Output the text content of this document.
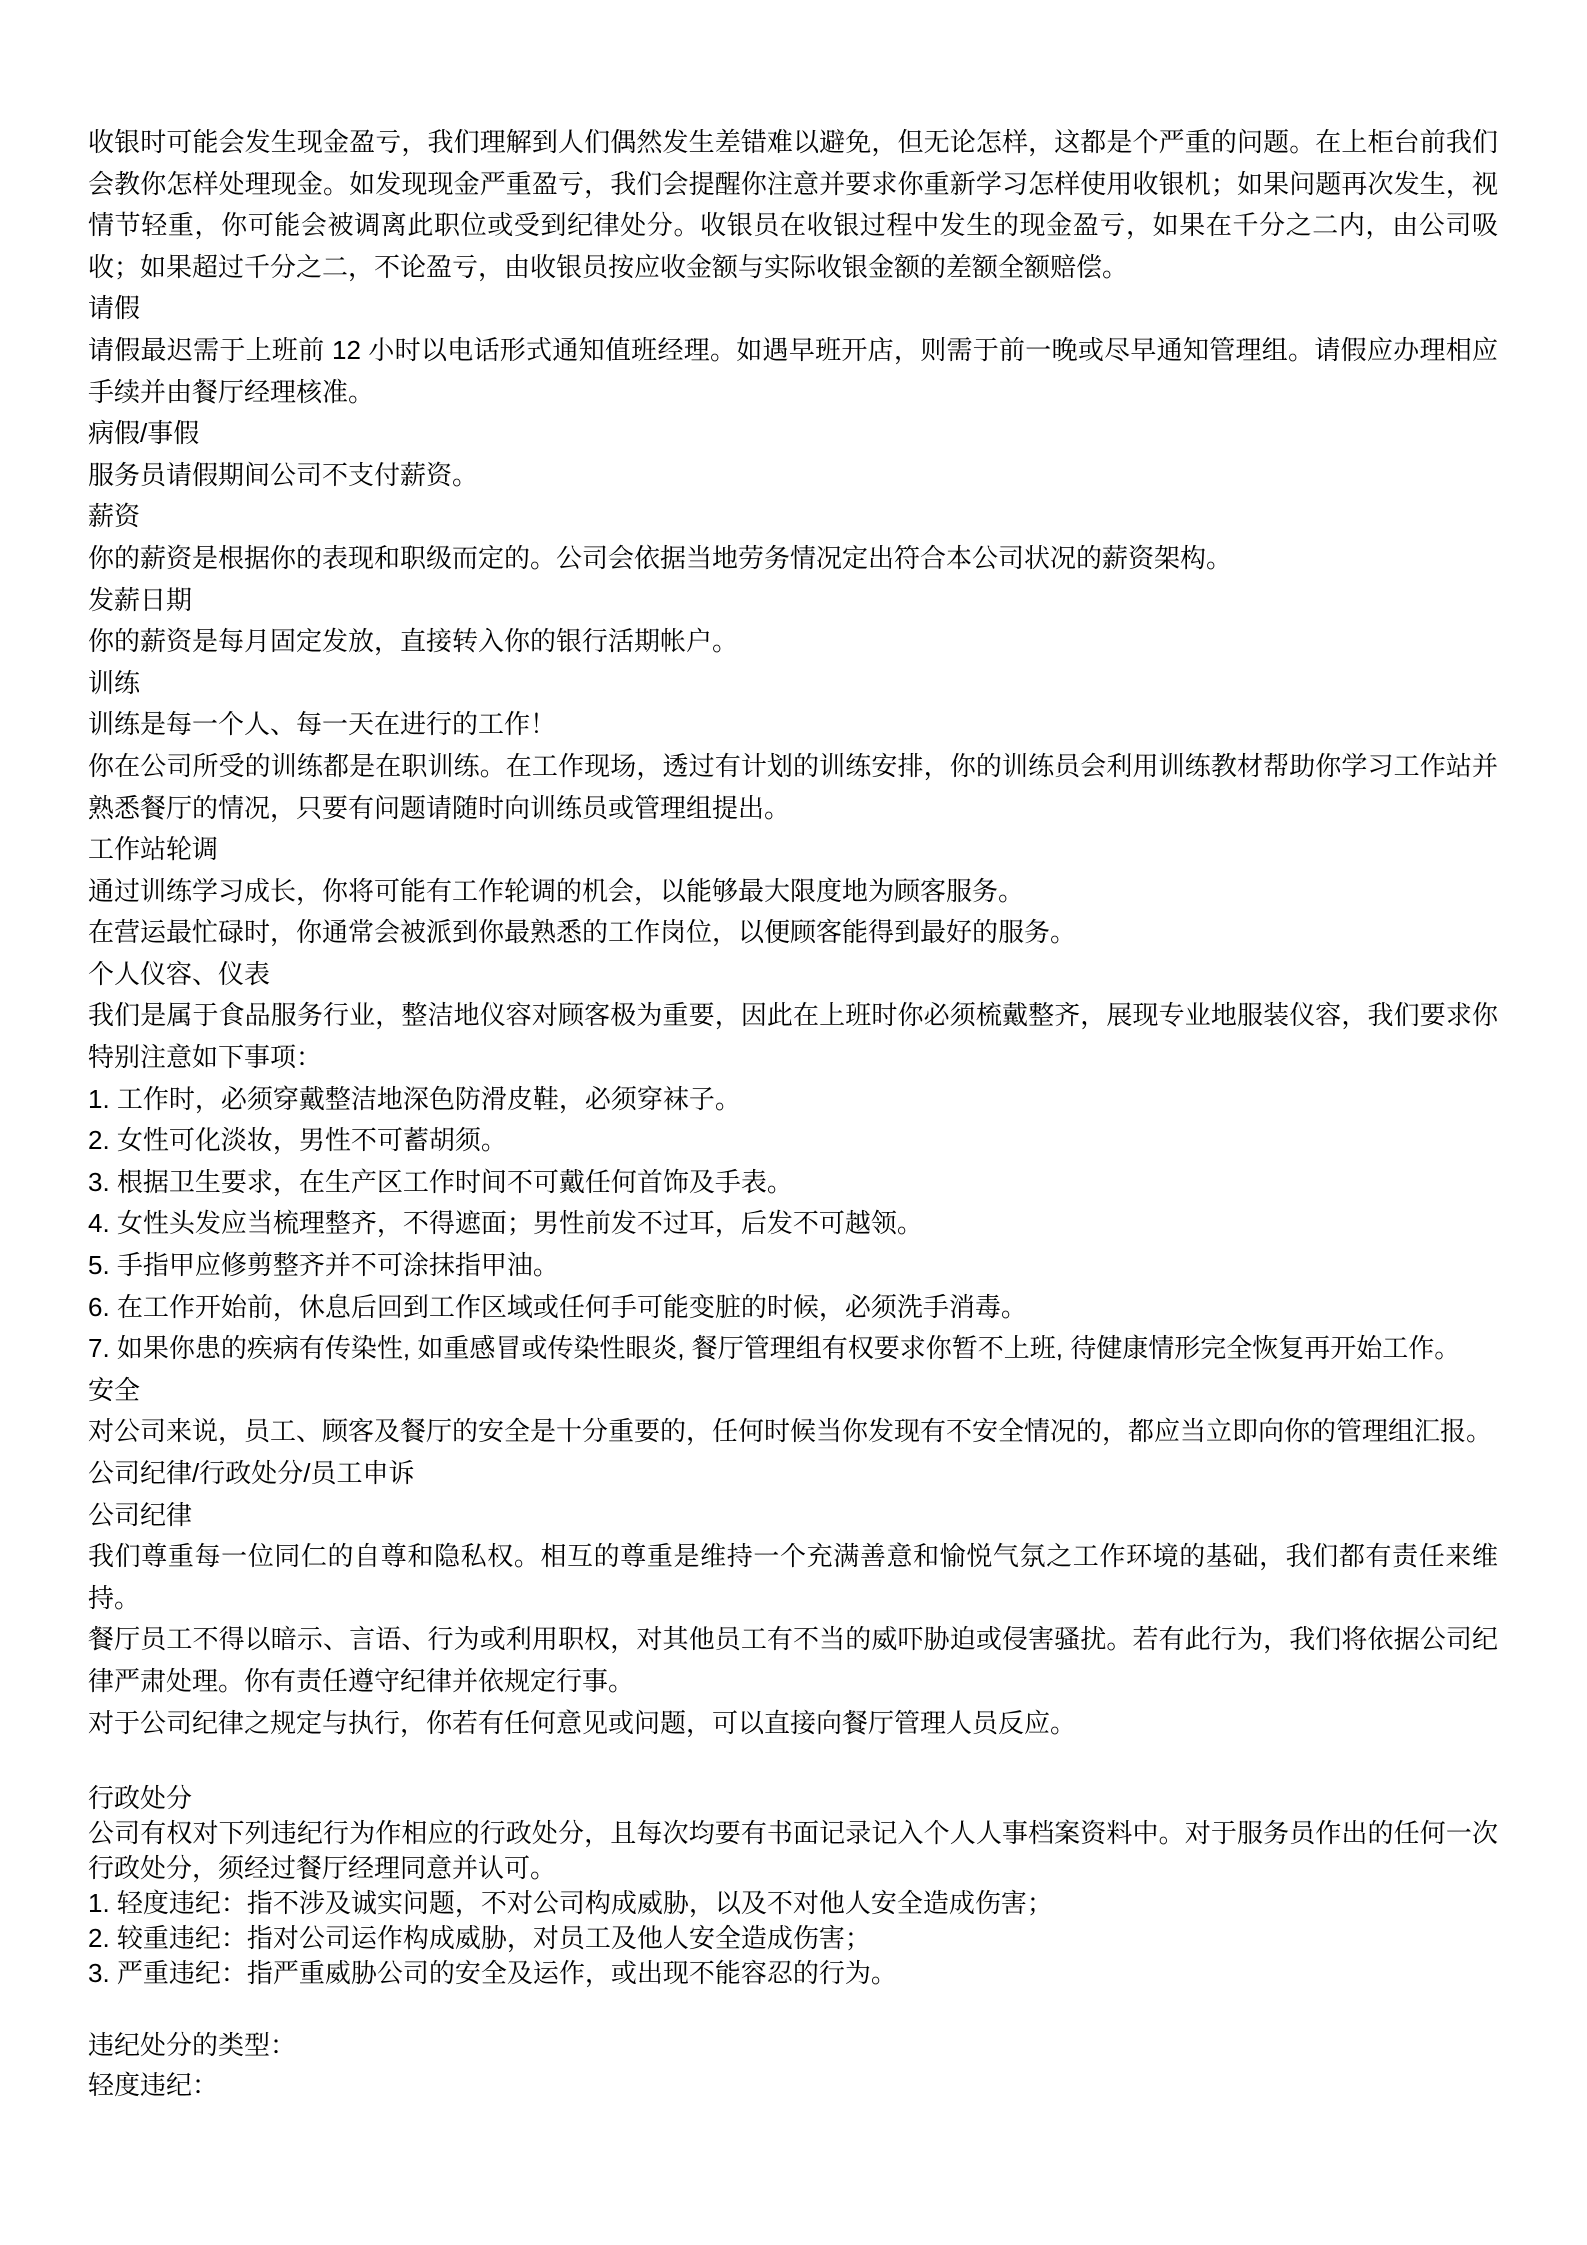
收银时可能会发生现金盈亏，我们理解到人们偶然发生差错难以避免，但无论怎样，这都是个严重的问题。在上柜台前我们会教你怎样处理现金。如发现现金严重盈亏，我们会提醒你注意并要求你重新学习怎样使用收银机；如果问题再次发生，视情节轻重，你可能会被调离此职位或受到纪律处分。收银员在收银过程中发生的现金盈亏，如果在千分之二内，由公司吸收；如果超过千分之二，不论盈亏，由收银员按应收金额与实际收银金额的差额全额赔偿。
请假
请假最迟需于上班前 12 小时以电话形式通知值班经理。如遇早班开店，则需于前一晚或尽早通知管理组。请假应办理相应手续并由餐厅经理核准。
病假/事假
服务员请假期间公司不支付薪资。
薪资
你的薪资是根据你的表现和职级而定的。公司会依据当地劳务情况定出符合本公司状况的薪资架构。
发薪日期
你的薪资是每月固定发放，直接转入你的银行活期帐户。
训练
训练是每一个人、每一天在进行的工作！
你在公司所受的训练都是在职训练。在工作现场，透过有计划的训练安排，你的训练员会利用训练教材帮助你学习工作站并熟悉餐厅的情况，只要有问题请随时向训练员或管理组提出。
工作站轮调
通过训练学习成长，你将可能有工作轮调的机会，以能够最大限度地为顾客服务。
在营运最忙碌时，你通常会被派到你最熟悉的工作岗位，以便顾客能得到最好的服务。
个人仪容、仪表
我们是属于食品服务行业，整洁地仪容对顾客极为重要，因此在上班时你必须梳戴整齐，展现专业地服装仪容，我们要求你特别注意如下事项：
1. 工作时，必须穿戴整洁地深色防滑皮鞋，必须穿袜子。
2. 女性可化淡妆，男性不可蓄胡须。
3. 根据卫生要求，在生产区工作时间不可戴任何首饰及手表。
4. 女性头发应当梳理整齐，不得遮面；男性前发不过耳，后发不可越领。
5. 手指甲应修剪整齐并不可涂抹指甲油。
6. 在工作开始前，休息后回到工作区域或任何手可能变脏的时候，必须洗手消毒。
7. 如果你患的疾病有传染性, 如重感冒或传染性眼炎, 餐厅管理组有权要求你暂不上班, 待健康情形完全恢复再开始工作。
安全
对公司来说，员工、顾客及餐厅的安全是十分重要的，任何时候当你发现有不安全情况的，都应当立即向你的管理组汇报。
公司纪律/行政处分/员工申诉
公司纪律
我们尊重每一位同仁的自尊和隐私权。相互的尊重是维持一个充满善意和愉悦气氛之工作环境的基础，我们都有责任来维持。
餐厅员工不得以暗示、言语、行为或利用职权，对其他员工有不当的威吓胁迫或侵害骚扰。若有此行为，我们将依据公司纪律严肃处理。你有责任遵守纪律并依规定行事。
对于公司纪律之规定与执行，你若有任何意见或问题，可以直接向餐厅管理人员反应。
行政处分
公司有权对下列违纪行为作相应的行政处分，且每次均要有书面记录记入个人人事档案资料中。对于服务员作出的任何一次行政处分，须经过餐厅经理同意并认可。
1. 轻度违纪：指不涉及诚实问题，不对公司构成威胁，以及不对他人安全造成伤害；
2. 较重违纪：指对公司运作构成威胁，对员工及他人安全造成伤害；
3. 严重违纪：指严重威胁公司的安全及运作，或出现不能容忍的行为。
违纪处分的类型：
轻度违纪：
